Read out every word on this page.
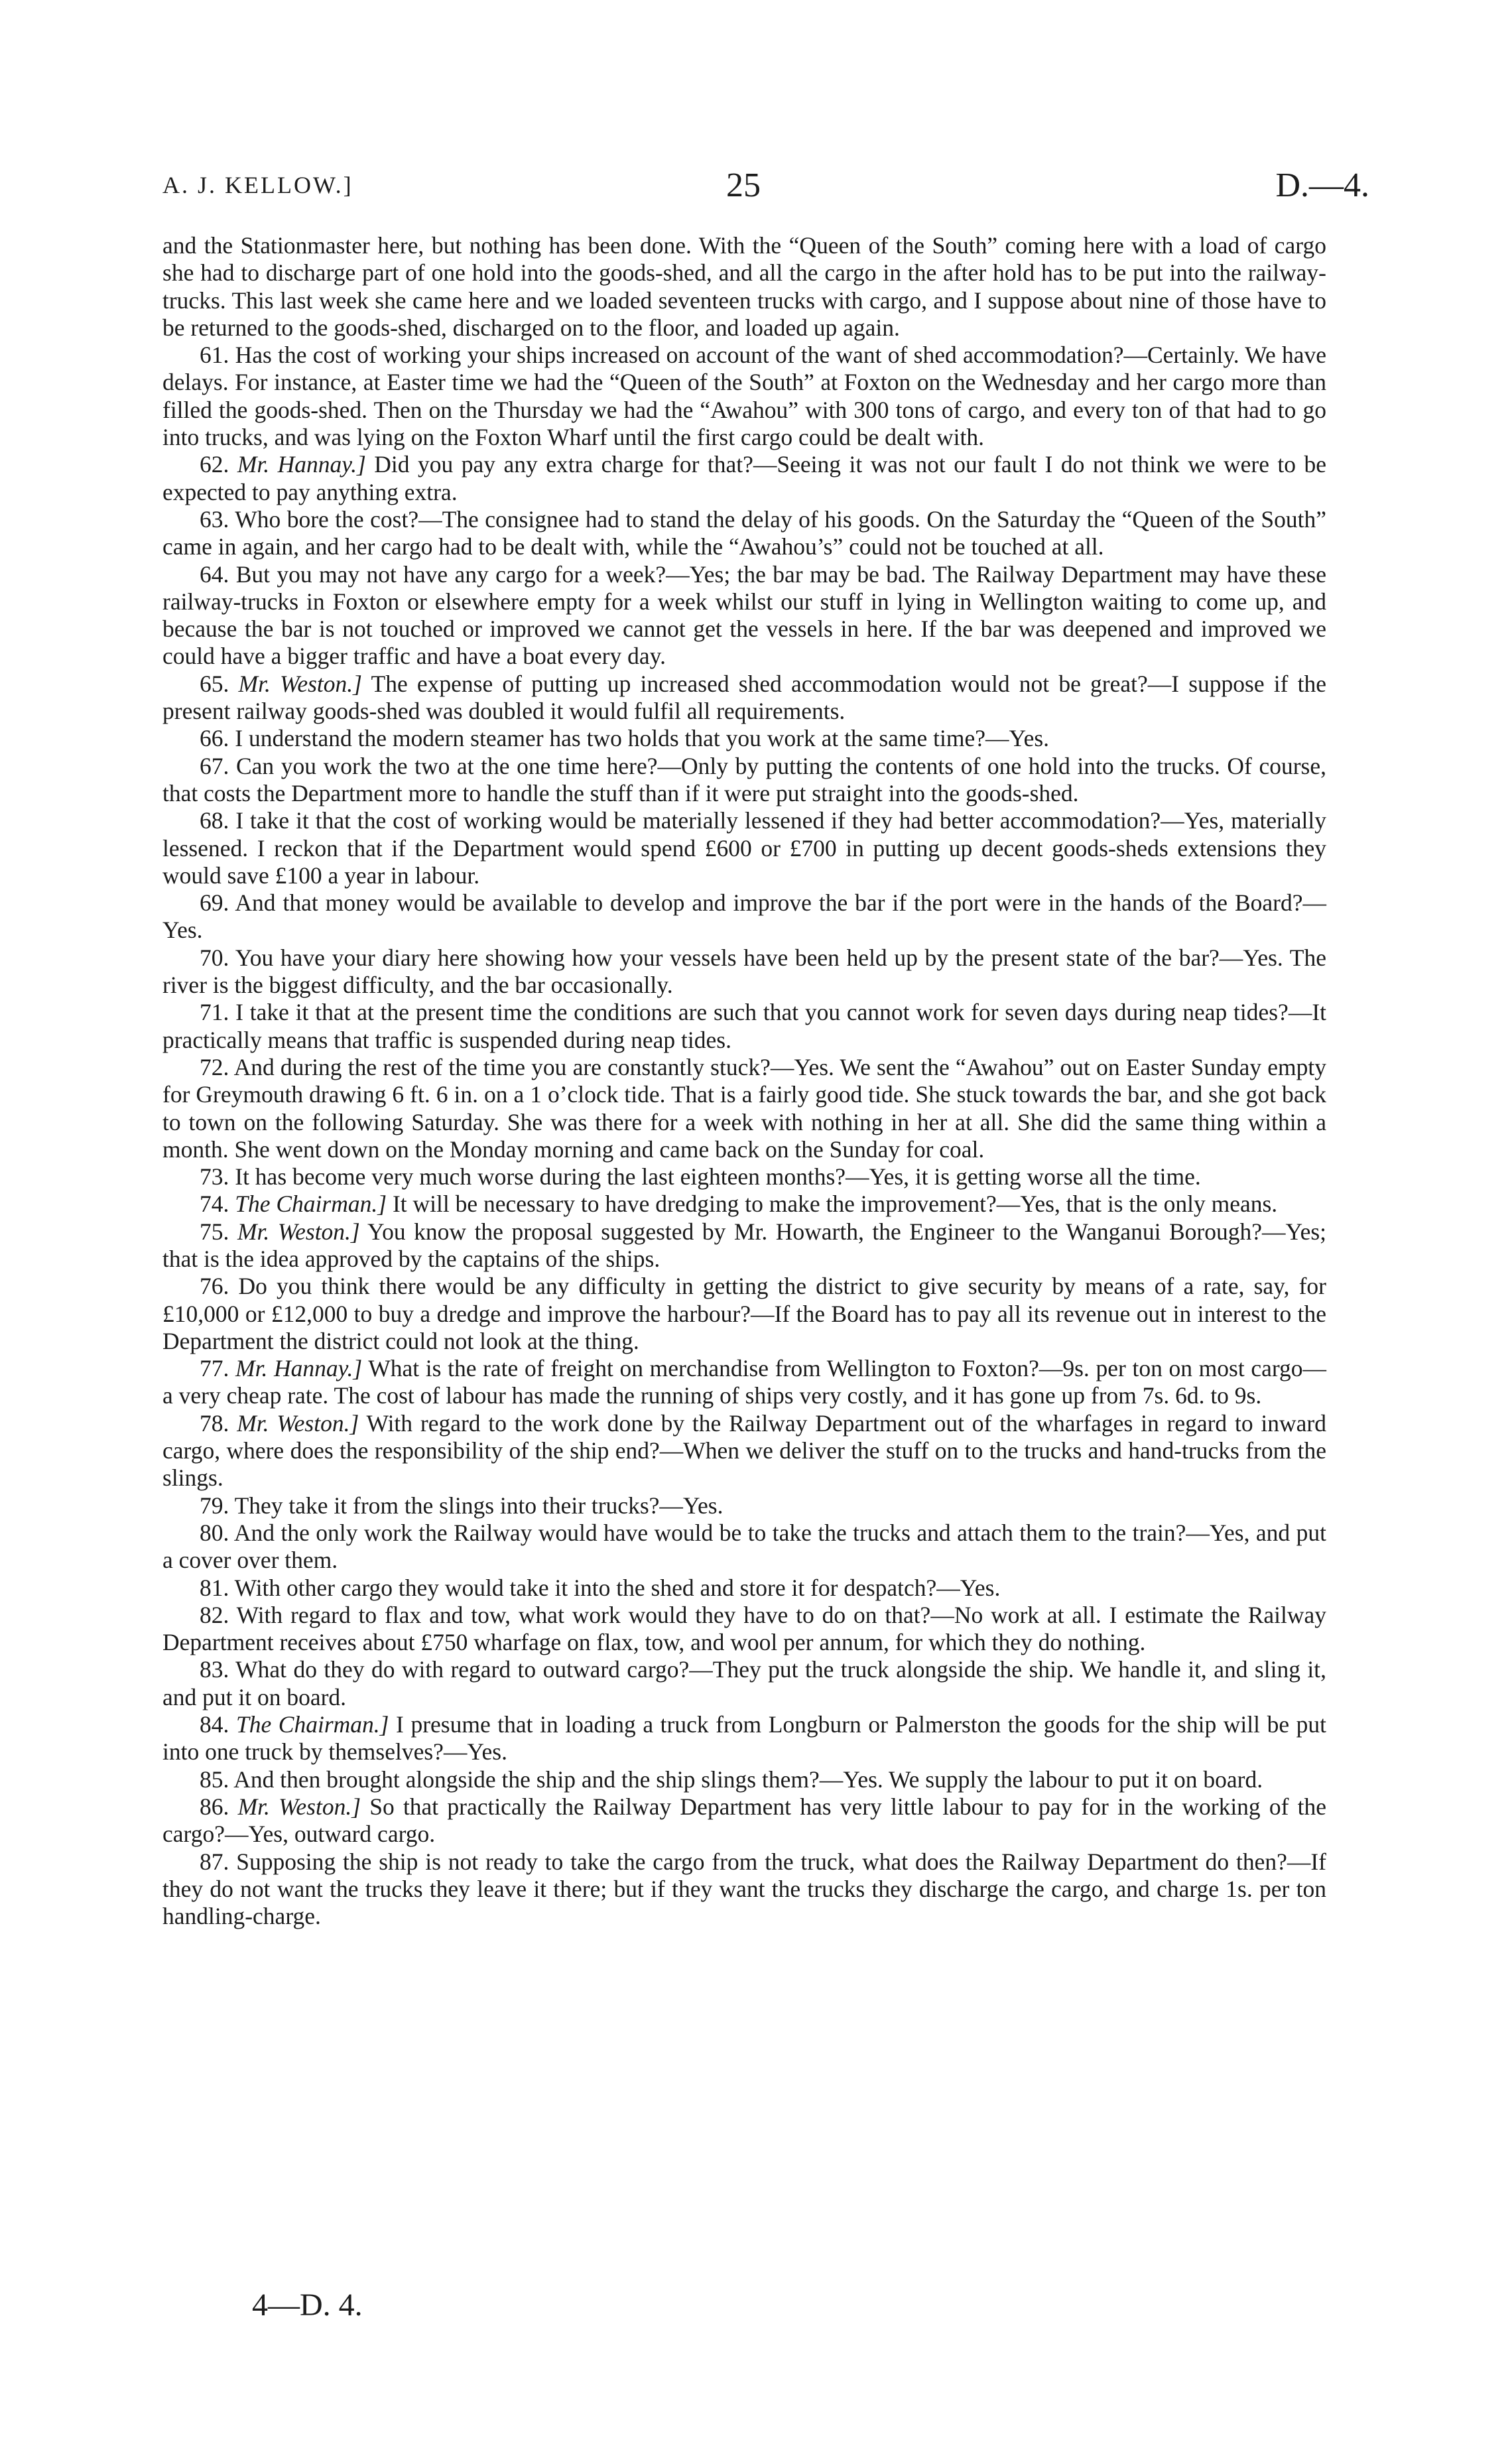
A. J. KELLOW.]	25	D.—4.

and the Stationmaster here, but nothing has been done. With the “Queen of the South” coming here with a load of cargo she had to discharge part of one hold into the goods-shed, and all the cargo in the after hold has to be put into the railway-trucks. This last week she came here and we loaded seventeen trucks with cargo, and I suppose about nine of those have to be returned to the goods-shed, discharged on to the floor, and loaded up again.

61. Has the cost of working your ships increased on account of the want of shed accommodation?—Certainly. We have delays. For instance, at Easter time we had the “Queen of the South” at Foxton on the Wednesday and her cargo more than filled the goods-shed. Then on the Thursday we had the “Awahou” with 300 tons of cargo, and every ton of that had to go into trucks, and was lying on the Foxton Wharf until the first cargo could be dealt with.

62. Mr. Hannay.] Did you pay any extra charge for that?—Seeing it was not our fault I do not think we were to be expected to pay anything extra.

63. Who bore the cost?—The consignee had to stand the delay of his goods. On the Saturday the “Queen of the South” came in again, and her cargo had to be dealt with, while the “Awahou’s” could not be touched at all.

64. But you may not have any cargo for a week?—Yes; the bar may be bad. The Railway Department may have these railway-trucks in Foxton or elsewhere empty for a week whilst our stuff in lying in Wellington waiting to come up, and because the bar is not touched or improved we cannot get the vessels in here. If the bar was deepened and improved we could have a bigger traffic and have a boat every day.

65. Mr. Weston.] The expense of putting up increased shed accommodation would not be great?—I suppose if the present railway goods-shed was doubled it would fulfil all requirements.

66. I understand the modern steamer has two holds that you work at the same time?—Yes.

67. Can you work the two at the one time here?—Only by putting the contents of one hold into the trucks. Of course, that costs the Department more to handle the stuff than if it were put straight into the goods-shed.

68. I take it that the cost of working would be materially lessened if they had better accommodation?—Yes, materially lessened. I reckon that if the Department would spend £600 or £700 in putting up decent goods-sheds extensions they would save £100 a year in labour.

69. And that money would be available to develop and improve the bar if the port were in the hands of the Board?—Yes.

70. You have your diary here showing how your vessels have been held up by the present state of the bar?—Yes. The river is the biggest difficulty, and the bar occasionally.

71. I take it that at the present time the conditions are such that you cannot work for seven days during neap tides?—It practically means that traffic is suspended during neap tides.

72. And during the rest of the time you are constantly stuck?—Yes. We sent the “Awahou” out on Easter Sunday empty for Greymouth drawing 6 ft. 6 in. on a 1 o’clock tide. That is a fairly good tide. She stuck towards the bar, and she got back to town on the following Saturday. She was there for a week with nothing in her at all. She did the same thing within a month. She went down on the Monday morning and came back on the Sunday for coal.

73. It has become very much worse during the last eighteen months?—Yes, it is getting worse all the time.

74. The Chairman.] It will be necessary to have dredging to make the improvement?—Yes, that is the only means.

75. Mr. Weston.] You know the proposal suggested by Mr. Howarth, the Engineer to the Wanganui Borough?—Yes; that is the idea approved by the captains of the ships.

76. Do you think there would be any difficulty in getting the district to give security by means of a rate, say, for £10,000 or £12,000 to buy a dredge and improve the harbour?—If the Board has to pay all its revenue out in interest to the Department the district could not look at the thing.

77. Mr. Hannay.] What is the rate of freight on merchandise from Wellington to Foxton?—9s. per ton on most cargo—a very cheap rate. The cost of labour has made the running of ships very costly, and it has gone up from 7s. 6d. to 9s.

78. Mr. Weston.] With regard to the work done by the Railway Department out of the wharfages in regard to inward cargo, where does the responsibility of the ship end?—When we deliver the stuff on to the trucks and hand-trucks from the slings.

79. They take it from the slings into their trucks?—Yes.

80. And the only work the Railway would have would be to take the trucks and attach them to the train?—Yes, and put a cover over them.

81. With other cargo they would take it into the shed and store it for despatch?—Yes.

82. With regard to flax and tow, what work would they have to do on that?—No work at all. I estimate the Railway Department receives about £750 wharfage on flax, tow, and wool per annum, for which they do nothing.

83. What do they do with regard to outward cargo?—They put the truck alongside the ship. We handle it, and sling it, and put it on board.

84. The Chairman.] I presume that in loading a truck from Longburn or Palmerston the goods for the ship will be put into one truck by themselves?—Yes.

85. And then brought alongside the ship and the ship slings them?—Yes. We supply the labour to put it on board.

86. Mr. Weston.] So that practically the Railway Department has very little labour to pay for in the working of the cargo?—Yes, outward cargo.

87. Supposing the ship is not ready to take the cargo from the truck, what does the Railway Department do then?—If they do not want the trucks they leave it there; but if they want the trucks they discharge the cargo, and charge 1s. per ton handling-charge.

4—D. 4.
